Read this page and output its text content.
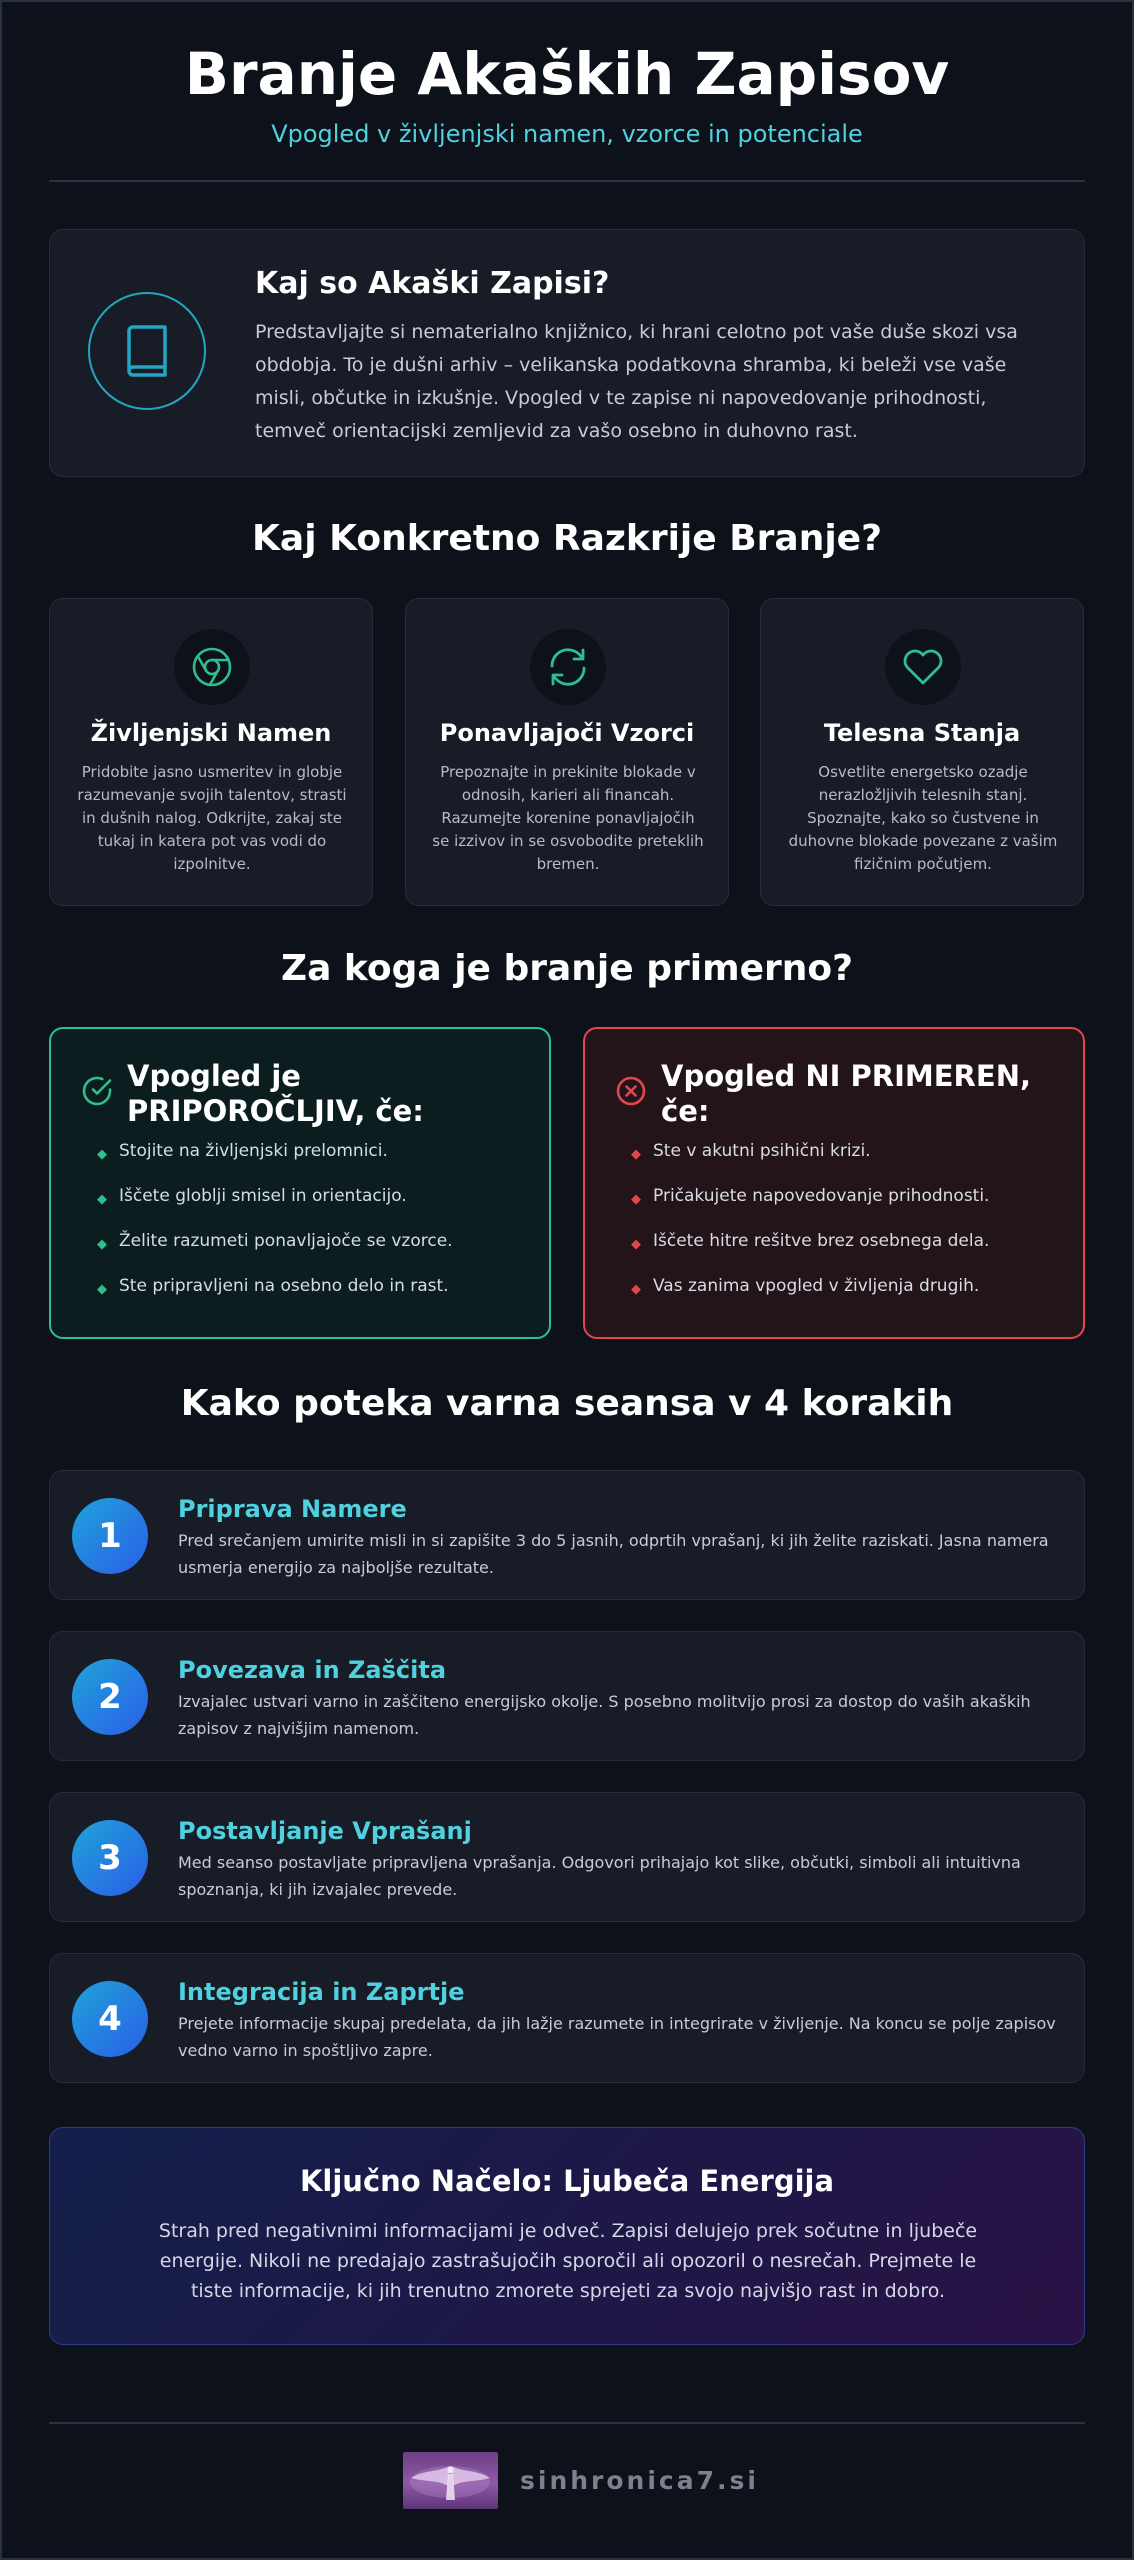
Branje Akaških Zapisov
Vpogled v življenjski namen, vzorce in potenciale
Kaj so Akaški Zapisi?
Predstavljajte si nematerialno knjižnico, ki hrani celotno pot vaše duše skozi vsa obdobja. To je dušni arhiv – velikanska podatkovna shramba, ki beleži vse vaše misli, občutke in izkušnje. Vpogled v te zapise ni napovedovanje prihodnosti, temveč orientacijski zemljevid za vašo osebno in duhovno rast.
Kaj Konkretno Razkrije Branje?
Življenjski Namen
Pridobite jasno usmeritev in globje razumevanje svojih talentov, strasti in dušnih nalog. Odkrijte, zakaj ste tukaj in katera pot vas vodi do izpolnitve.
Ponavljajoči Vzorci
Prepoznajte in prekinite blokade v odnosih, karieri ali financah. Razumejte korenine ponavljajočih se izzivov in se osvobodite preteklih bremen.
Telesna Stanja
Osvetlite energetsko ozadje nerazložljivih telesnih stanj. Spoznajte, kako so čustvene in duhovne blokade povezane z vašim fizičnim počutjem.
Za koga je branje primerno?
Vpogled je PRIPOROČLJIV, če:
◆ Stojite na življenjski prelomnici.
◆ Iščete globlji smisel in orientacijo.
◆ Želite razumeti ponavljajoče se vzorce.
◆ Ste pripravljeni na osebno delo in rast.
Vpogled NI PRIMEREN, če:
◆ Ste v akutni psihični krizi.
◆ Pričakujete napovedovanje prihodnosti.
◆ Iščete hitre rešitve brez osebnega dela.
◆ Vas zanima vpogled v življenja drugih.
Kako poteka varna seansa v 4 korakih
1
Priprava Namere
Pred srečanjem umirite misli in si zapišite 3 do 5 jasnih, odprtih vprašanj, ki jih želite raziskati. Jasna namera usmerja energijo za najboljše rezultate.
2
Povezava in Zaščita
Izvajalec ustvari varno in zaščiteno energijsko okolje. S posebno molitvijo prosi za dostop do vaših akaških zapisov z najvišjim namenom.
3
Postavljanje Vprašanj
Med seanso postavljate pripravljena vprašanja. Odgovori prihajajo kot slike, občutki, simboli ali intuitivna spoznanja, ki jih izvajalec prevede.
4
Integracija in Zaprtje
Prejete informacije skupaj predelata, da jih lažje razumete in integrirate v življenje. Na koncu se polje zapisov vedno varno in spoštljivo zapre.
Ključno Načelo: Ljubeča Energija
Strah pred negativnimi informacijami je odveč. Zapisi delujejo prek sočutne in ljubeče energije. Nikoli ne predajajo zastrašujočih sporočil ali opozoril o nesrečah. Prejmete le tiste informacije, ki jih trenutno zmorete sprejeti za svojo najvišjo rast in dobro.
sinhronica7.si
